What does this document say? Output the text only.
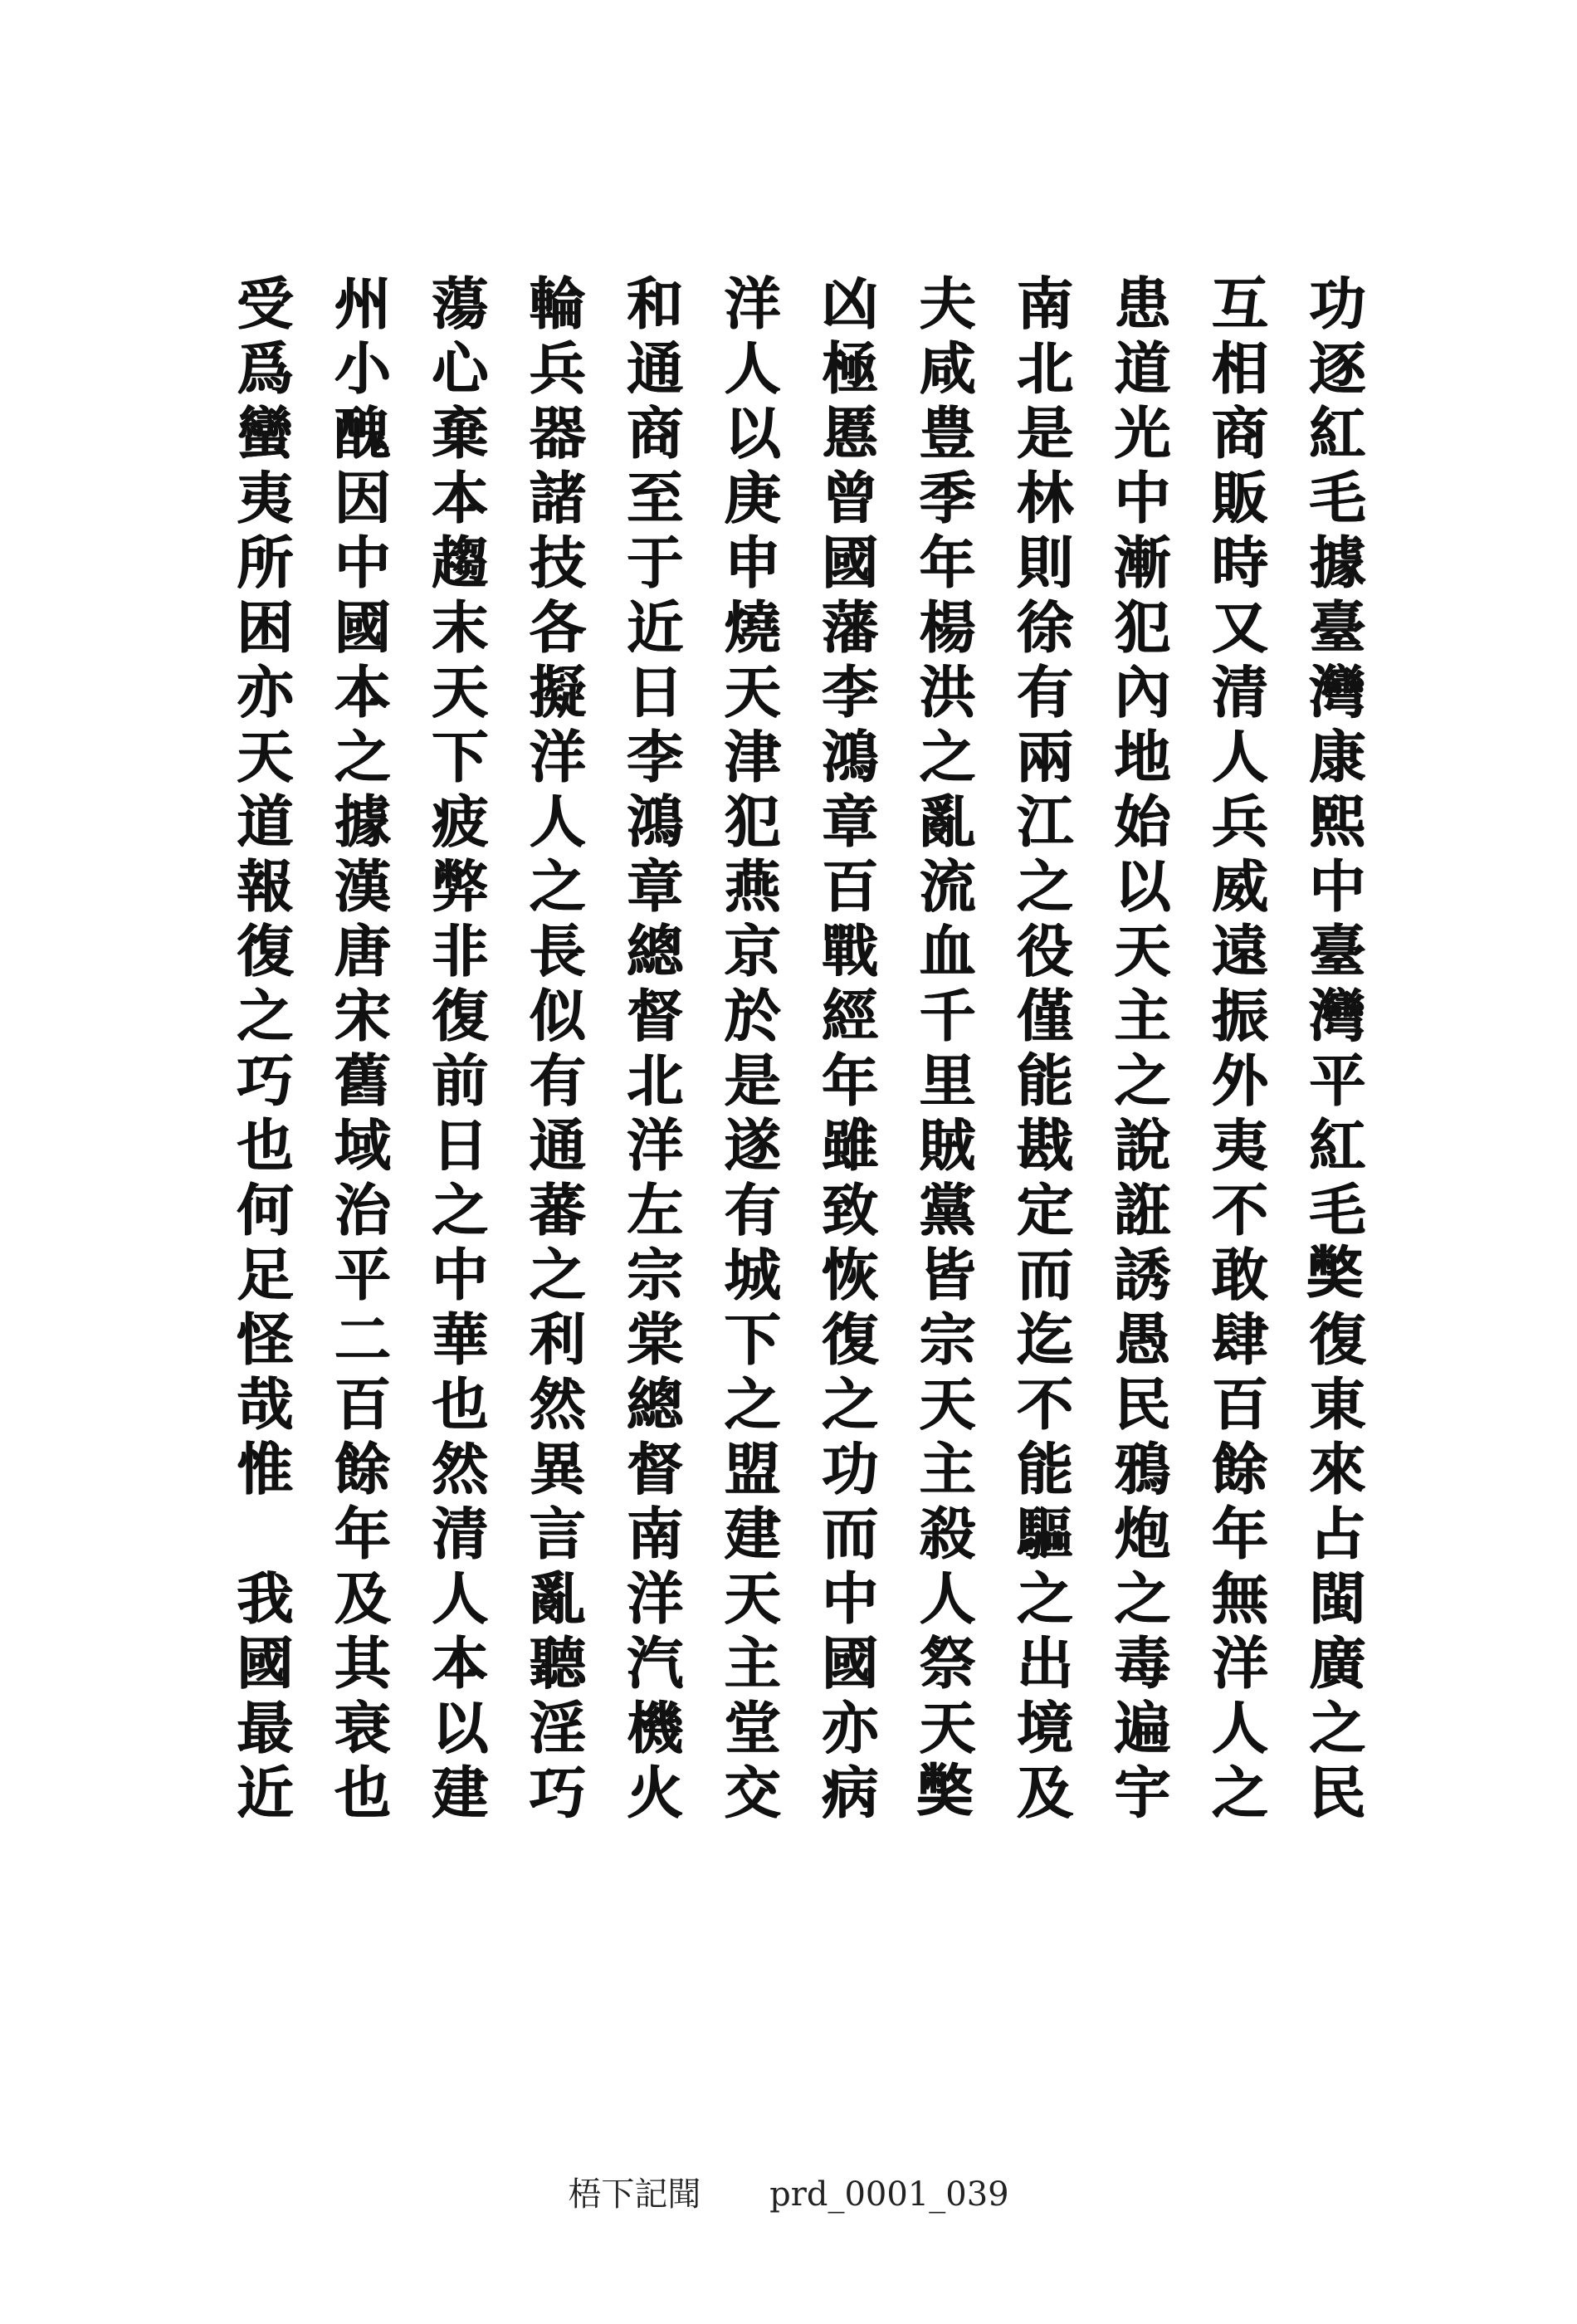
功逐紅毛據臺灣康熙中臺灣平紅毛𡚁復東來占閩廣之民
互相商販時又清人兵威遠振外夷不敢肆百餘年無洋人之
患道光中漸犯內地始以天主之說誑誘愚民鴉炮之毒遍宇
南北是林則徐有兩江之役僅能戡定而迄不能驅之出境及
夫咸豊季年楊洪之亂流血千里賊黨皆宗天主殺人祭天𡚁
凶極慝曾國藩李鴻章百戰經年雖致恢復之功而中國亦病
洋人以庚申燒天津犯燕京於是遂有城下之盟建天主堂交
和通商至于近日李鴻章總督北洋左宗棠總督南洋汽機火
輪兵器諸技各擬洋人之長似有通蕃之利然異言亂聽淫巧
蕩心棄本趨末天下疲弊非復前日之中華也然清人本以建
州小醜因中國本之據漢唐宋舊域治平二百餘年及其衰也
受爲蠻夷所困亦天道報復之巧也何足怪哉惟　我國最近
梧下記聞 prd_0001_039
